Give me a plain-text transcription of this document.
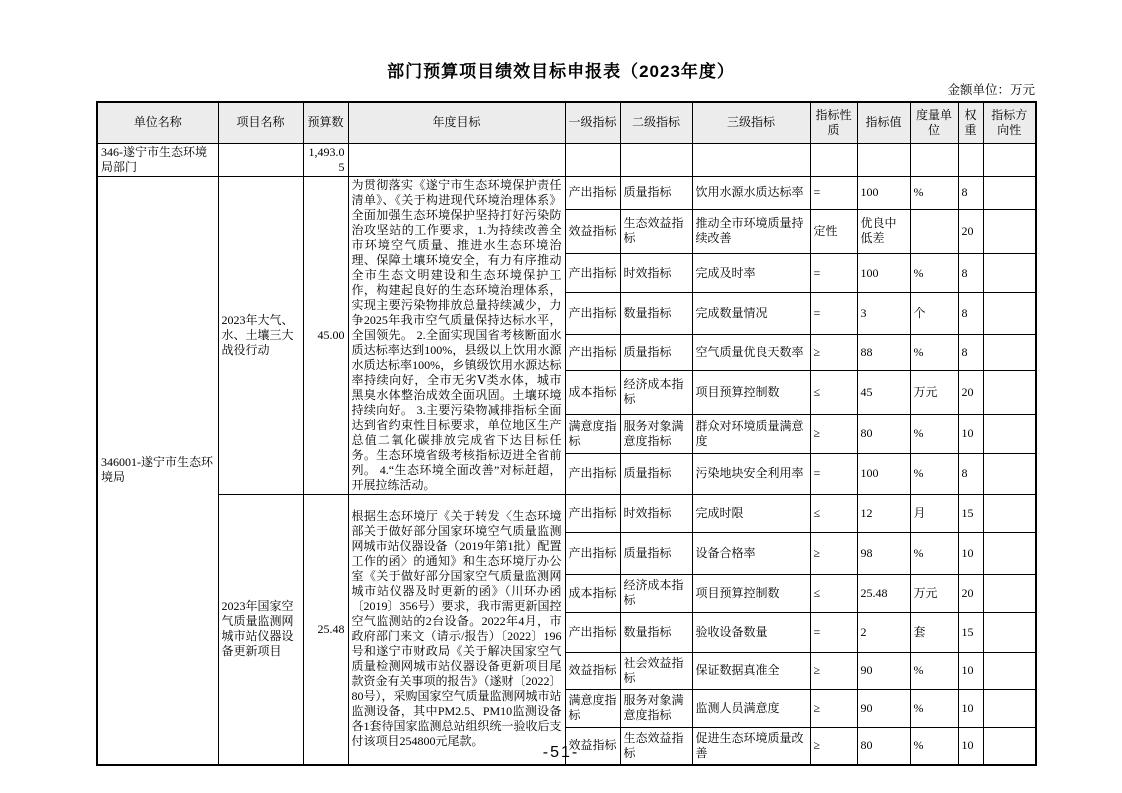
部门预算项目绩效目标申报表（2023年度）
金额单位：万元
单位名称	项目名称	预算数	年度目标	一级指标	二级指标	三级指标	指标性质	指标值	度量单位	权重	指标方向性
346-遂宁市生态环境局部门		1,493.05									
346001-遂宁市生态环境局	2023年大气、水、土壤三大战役行动	45.00	为贯彻落实《遂宁市生态环境保护责任清单》、《关于构进现代环境治理体系》全面加强生态环境保护坚持打好污染防治攻坚站的工作要求，1.为持续改善全市环境空气质量、推进水生态环境治理、保障土壤环境安全，有力有序推动全市生态文明建设和生态环境保护工作，构建起良好的生态环境治理体系，实现主要污染物排放总量持续减少，力争2025年我市空气质量保持达标水平，全国领先。 2.全面实现国省考核断面水质达标率达到100%，县级以上饮用水源水质达标率100%，乡镇级饮用水源达标率持续向好，全市无劣Ⅴ类水体，城市黑臭水体整治成效全面巩固。土壤环境持续向好。 3.主要污染物减排指标全面达到省约束性目标要求，单位地区生产总值二氧化碳排放完成省下达目标任务。生态环境省级考核指标迈进全省前列。 4.“生态环境全面改善”对标赶超，开展拉练活动。	产出指标	质量指标	饮用水源水质达标率	=	100	%	8	
				效益指标	生态效益指标	推动全市环境质量持续改善	定性	优良中低差		20	
				产出指标	时效指标	完成及时率	=	100	%	8	
				产出指标	数量指标	完成数量情况	=	3	个	8	
				产出指标	质量指标	空气质量优良天数率	≥	88	%	8	
				成本指标	经济成本指标	项目预算控制数	≤	45	万元	20	
				满意度指标	服务对象满意度指标	群众对环境质量满意度	≥	80	%	10	
				产出指标	质量指标	污染地块安全利用率	=	100	%	8	
	2023年国家空气质量监测网城市站仪器设备更新项目	25.48	根据生态环境厅《关于转发〈生态环境部关于做好部分国家环境空气质量监测网城市站仪器设备（2019年第1批）配置工作的函〉的通知》和生态环境厅办公室《关于做好部分国家空气质量监测网城市站仪器及时更新的函》（川环办函〔2019〕356号）要求，我市需更新国控空气监测站的2台设备。2022年4月，市政府部门来文（请示/报告）〔2022〕196号和遂宁市财政局《关于解决国家空气质量检测网城市站仪器设备更新项目尾款资金有关事项的报告》（遂财〔2022〕80号），采购国家空气质量监测网城市站监测设备，其中PM2.5、PM10监测设备各1套待国家监测总站组织统一验收后支付该项目254800元尾款。	产出指标	时效指标	完成时限	≤	12	月	15	
				产出指标	质量指标	设备合格率	≥	98	%	10	
				成本指标	经济成本指标	项目预算控制数	≤	25.48	万元	20	
				产出指标	数量指标	验收设备数量	=	2	套	15	
				效益指标	社会效益指标	保证数据真准全	≥	90	%	10	
				满意度指标	服务对象满意度指标	监测人员满意度	≥	90	%	10	
				效益指标	生态效益指标	促进生态环境质量改善	≥	80	%	10	
-51-
